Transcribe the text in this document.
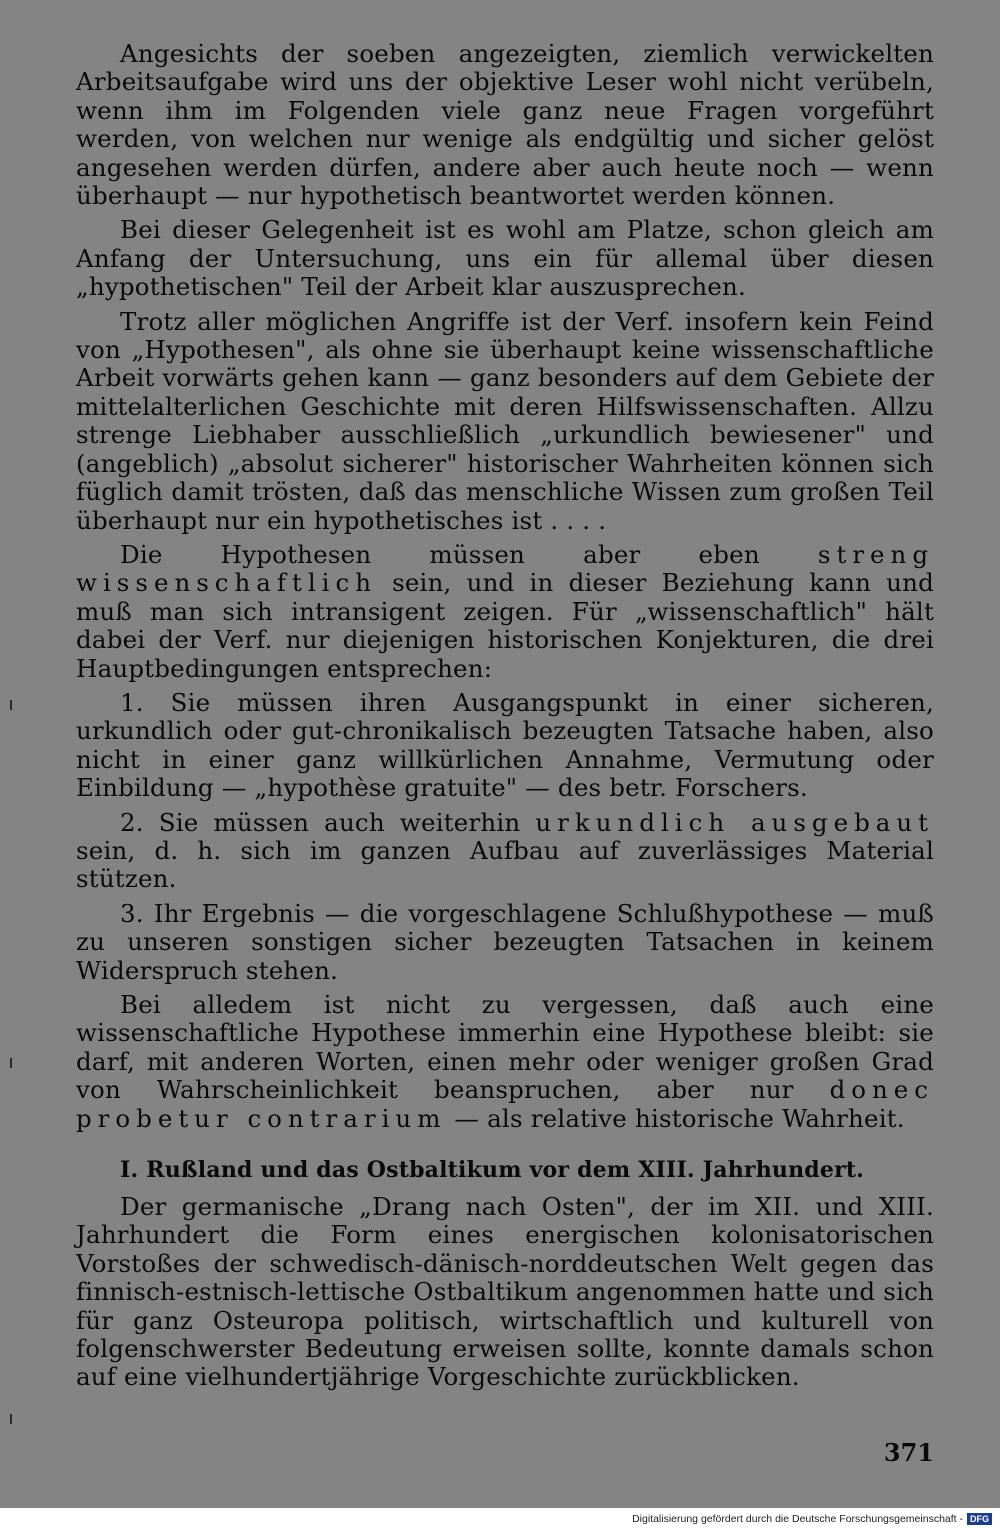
Angesichts der soeben angezeigten, ziemlich verwickelten Arbeitsaufgabe wird uns der objektive Leser wohl nicht verübeln, wenn ihm im Folgenden viele ganz neue Fragen vorgeführt werden, von welchen nur wenige als endgültig und sicher gelöst angesehen werden dürfen, andere aber auch heute noch — wenn überhaupt — nur hypothetisch beantwortet werden können.

Bei dieser Gelegenheit ist es wohl am Platze, schon gleich am Anfang der Untersuchung, uns ein für allemal über diesen „hypothetischen" Teil der Arbeit klar auszusprechen.

Trotz aller möglichen Angriffe ist der Verf. insofern kein Feind von „Hypothesen", als ohne sie überhaupt keine wissenschaftliche Arbeit vorwärts gehen kann — ganz besonders auf dem Gebiete der mittelalterlichen Geschichte mit deren Hilfswissenschaften. Allzu strenge Liebhaber ausschließlich „urkundlich bewiesener" und (angeblich) „absolut sicherer" historischer Wahrheiten können sich füglich damit trösten, daß das menschliche Wissen zum großen Teil überhaupt nur ein hypothetisches ist . . . .

Die Hypothesen müssen aber eben streng wissenschaftlich sein, und in dieser Beziehung kann und muß man sich intransigent zeigen. Für „wissenschaftlich" hält dabei der Verf. nur diejenigen historischen Konjekturen, die drei Hauptbedingungen entsprechen:

1. Sie müssen ihren Ausgangspunkt in einer sicheren, urkundlich oder gut-chronikalisch bezeugten Tatsache haben, also nicht in einer ganz willkürlichen Annahme, Vermutung oder Einbildung — „hypothèse gratuite" — des betr. Forschers.

2. Sie müssen auch weiterhin urkundlich ausgebaut sein, d. h. sich im ganzen Aufbau auf zuverlässiges Material stützen.

3. Ihr Ergebnis — die vorgeschlagene Schlußhypothese — muß zu unseren sonstigen sicher bezeugten Tatsachen in keinem Widerspruch stehen.

Bei alledem ist nicht zu vergessen, daß auch eine wissenschaftliche Hypothese immerhin eine Hypothese bleibt: sie darf, mit anderen Worten, einen mehr oder weniger großen Grad von Wahrscheinlichkeit beanspruchen, aber nur donec probetur contrarium — als relative historische Wahrheit.

I. Rußland und das Ostbaltikum vor dem XIII. Jahrhundert.

Der germanische „Drang nach Osten", der im XII. und XIII. Jahrhundert die Form eines energischen kolonisatorischen Vorstoßes der schwedisch-dänisch-norddeutschen Welt gegen das finnisch-estnisch-lettische Ostbaltikum angenommen hatte und sich für ganz Osteuropa politisch, wirtschaftlich und kulturell von folgenschwerster Bedeutung erweisen sollte, konnte damals schon auf eine vielhundertjährige Vorgeschichte zurückblicken.

371
Digitalisierung gefördert durch die Deutsche Forschungsgemeinschaft - DFG
